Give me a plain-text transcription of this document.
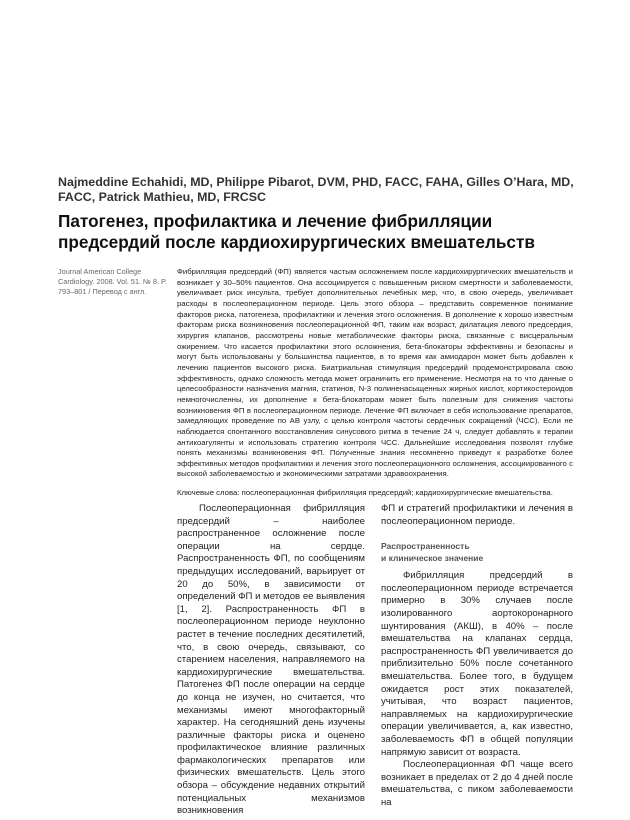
Najmeddine Echahidi, MD, Philippe Pibarot, DVM, PHD, FACC, FAHA, Gilles O’Hara, MD, FACC, Patrick Mathieu, MD, FRCSC
Патогенез, профилактика и лечение фибрилляции предсердий после кардиохирургических вмешательств
Journal American College Cardiology. 2008. Vol. 51. № 8. P. 793–801 / Перевод с англ.

Фибрилляция предсердий (ФП) является частым осложнением после кардиохирургических вмешательств и возникает у 30–50% пациентов. Она ассоциируется с повышенным риском смертности и заболеваемости, увеличивает риск инсульта, требует дополнительных лечебных мер, что, в свою очередь, увеличивает расходы в послеоперационном периоде. Цель этого обзора – представить современное понимание факторов риска, патогенеза, профилактики и лечения этого осложнения. В дополнение к хорошо известным факторам риска возникновения послеоперационной ФП, таким как возраст, дилатация левого предсердия, хирургия клапанов, рассмотрены новые метаболические факторы риска, связанные с висцеральным ожирением. Что касается профилактики этого осложнения, бета-блокаторы эффективны и безопасны и могут быть использованы у большинства пациентов, в то время как амиодарон может быть добавлен к лечению пациентов высокого риска. Биатриальная стимуляция предсердий продемонстрировала свою эффективность, однако сложность метода может ограничить его применение. Несмотря на то что данные о целесообразности назначения магния, статинов, N-3 полиненасыщенных жирных кислот, кортикостероидов немногочисленны, их дополнение к бета-блокаторам может быть полезным для снижения частоты возникновения ФП в послеоперационном периоде. Лечение ФП включает в себя использование препаратов, замедляющих проведение по АВ узлу, с целью контроля частоты сердечных сокращений (ЧСС). Если не наблюдается спонтанного восстановления синусового ритма в течение 24 ч, следует добавлять к терапии антикоагулянты и использовать стратегию контроля ЧСС. Дальнейшие исследования позволят глубже понять механизмы возникновения ФП. Полученные знания несомненно приведут к разработке более эффективных методов профилактики и лечения этого послеоперационного осложнения, ассоциированного с высокой заболеваемостью и экономическими затратами здравоохранения.

Ключевые слова: послеоперационная фибрилляция предсердий; кардиохирургические вмешательства.

Послеоперационная фибрилляция предсердий – наиболее распространенное осложнение после операции на сердце. Распространенность ФП, по сообщениям предыдущих исследований, варьирует от 20 до 50%, в зависимости от определений ФП и методов ее выявления [1, 2]. Распространенность ФП в послеоперационном периоде неуклонно растет в течение последних десятилетий, что, в свою очередь, связывают, со старением населения, направляемого на кардиохирургические вмешательства. Патогенез ФП после операции на сердце до конца не изучен, но считается, что механизмы имеют многофакторный характер. На сегодняшний день изучены различные факторы риска и оценено профилактическое влияние различных фармакологических препаратов или физических вмешательств. Цель этого обзора – обсуждение недавних открытий потенциальных механизмов возникновения

ФП и стратегий профилактики и лечения в послеоперационном периоде.

Распространенность
и клиническое значение

Фибрилляция предсердий в послеоперационном периоде встречается примерно в 30% случаев после изолированного аортокоронарного шунтирования (АКШ), в 40% – после вмешательства на клапанах сердца, распространенность ФП увеличивается до приблизительно 50% после сочетанного вмешательства. Более того, в будущем ожидается рост этих показателей, учитывая, что возраст пациентов, направляемых на кардиохирургические операции увеличивается, а, как известно, заболеваемость ФП в общей популяции напрямую зависит от возраста.

Послеоперационная ФП чаще всего возникает в пределах от 2 до 4 дней после вмешательства, с пиком заболеваемости на
